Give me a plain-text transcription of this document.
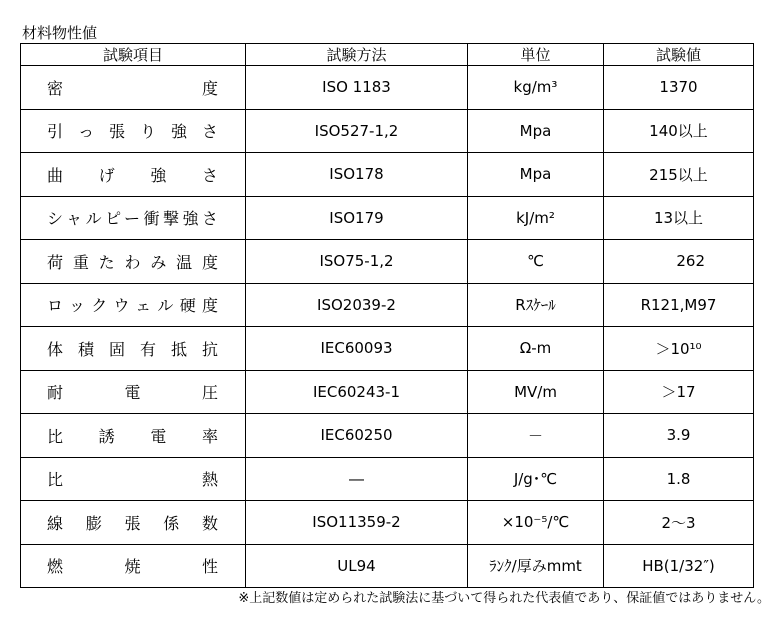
材料物性値
試験項目	試験方法	単位	試験値
密度	ISO 1183	kg/m³	1370
引っ張り強さ	ISO527-1,2	Mpa	140以上
曲げ強さ	ISO178	Mpa	215以上
シャルピー衝撃強さ	ISO179	kJ/m²	13以上
荷重たわみ温度	ISO75-1,2	℃	262
ロックウェル硬度	ISO2039-2	Rｽｹｰﾙ	R121,M97
体積固有抵抗	IEC60093	Ω-m	＞10¹⁰
耐電圧	IEC60243-1	MV/m	＞17
比誘電率	IEC60250	－	3.9
比熱	―	J/g･℃	1.8
線膨張係数	ISO11359-2	×10⁻⁵/℃	2～3
燃焼性	UL94	ﾗﾝｸ/厚みmmt	HB(1/32″)
※上記数値は定められた試験法に基づいて得られた代表値であり、保証値ではありません。
